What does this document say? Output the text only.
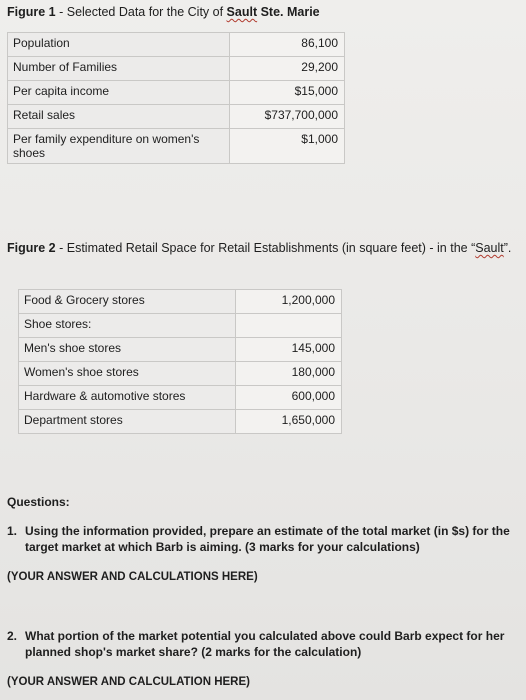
Figure 1 - Selected Data for the City of Sault Ste. Marie
Population	86,100
Number of Families	29,200
Per capita income	$15,000
Retail sales	$737,700,000
Per family expenditure on women's shoes	$1,000
Figure 2 - Estimated Retail Space for Retail Establishments (in square feet) - in the “Sault”.
Food & Grocery stores	1,200,000
Shoe stores:	
Men's shoe stores	145,000
Women's shoe stores	180,000
Hardware & automotive stores	600,000
Department stores	1,650,000
Questions:
1. Using the information provided, prepare an estimate of the total market (in $s) for the target market at which Barb is aiming. (3 marks for your calculations)
(YOUR ANSWER AND CALCULATIONS HERE)
2. What portion of the market potential you calculated above could Barb expect for her planned shop's market share? (2 marks for the calculation)
(YOUR ANSWER AND CALCULATION HERE)
